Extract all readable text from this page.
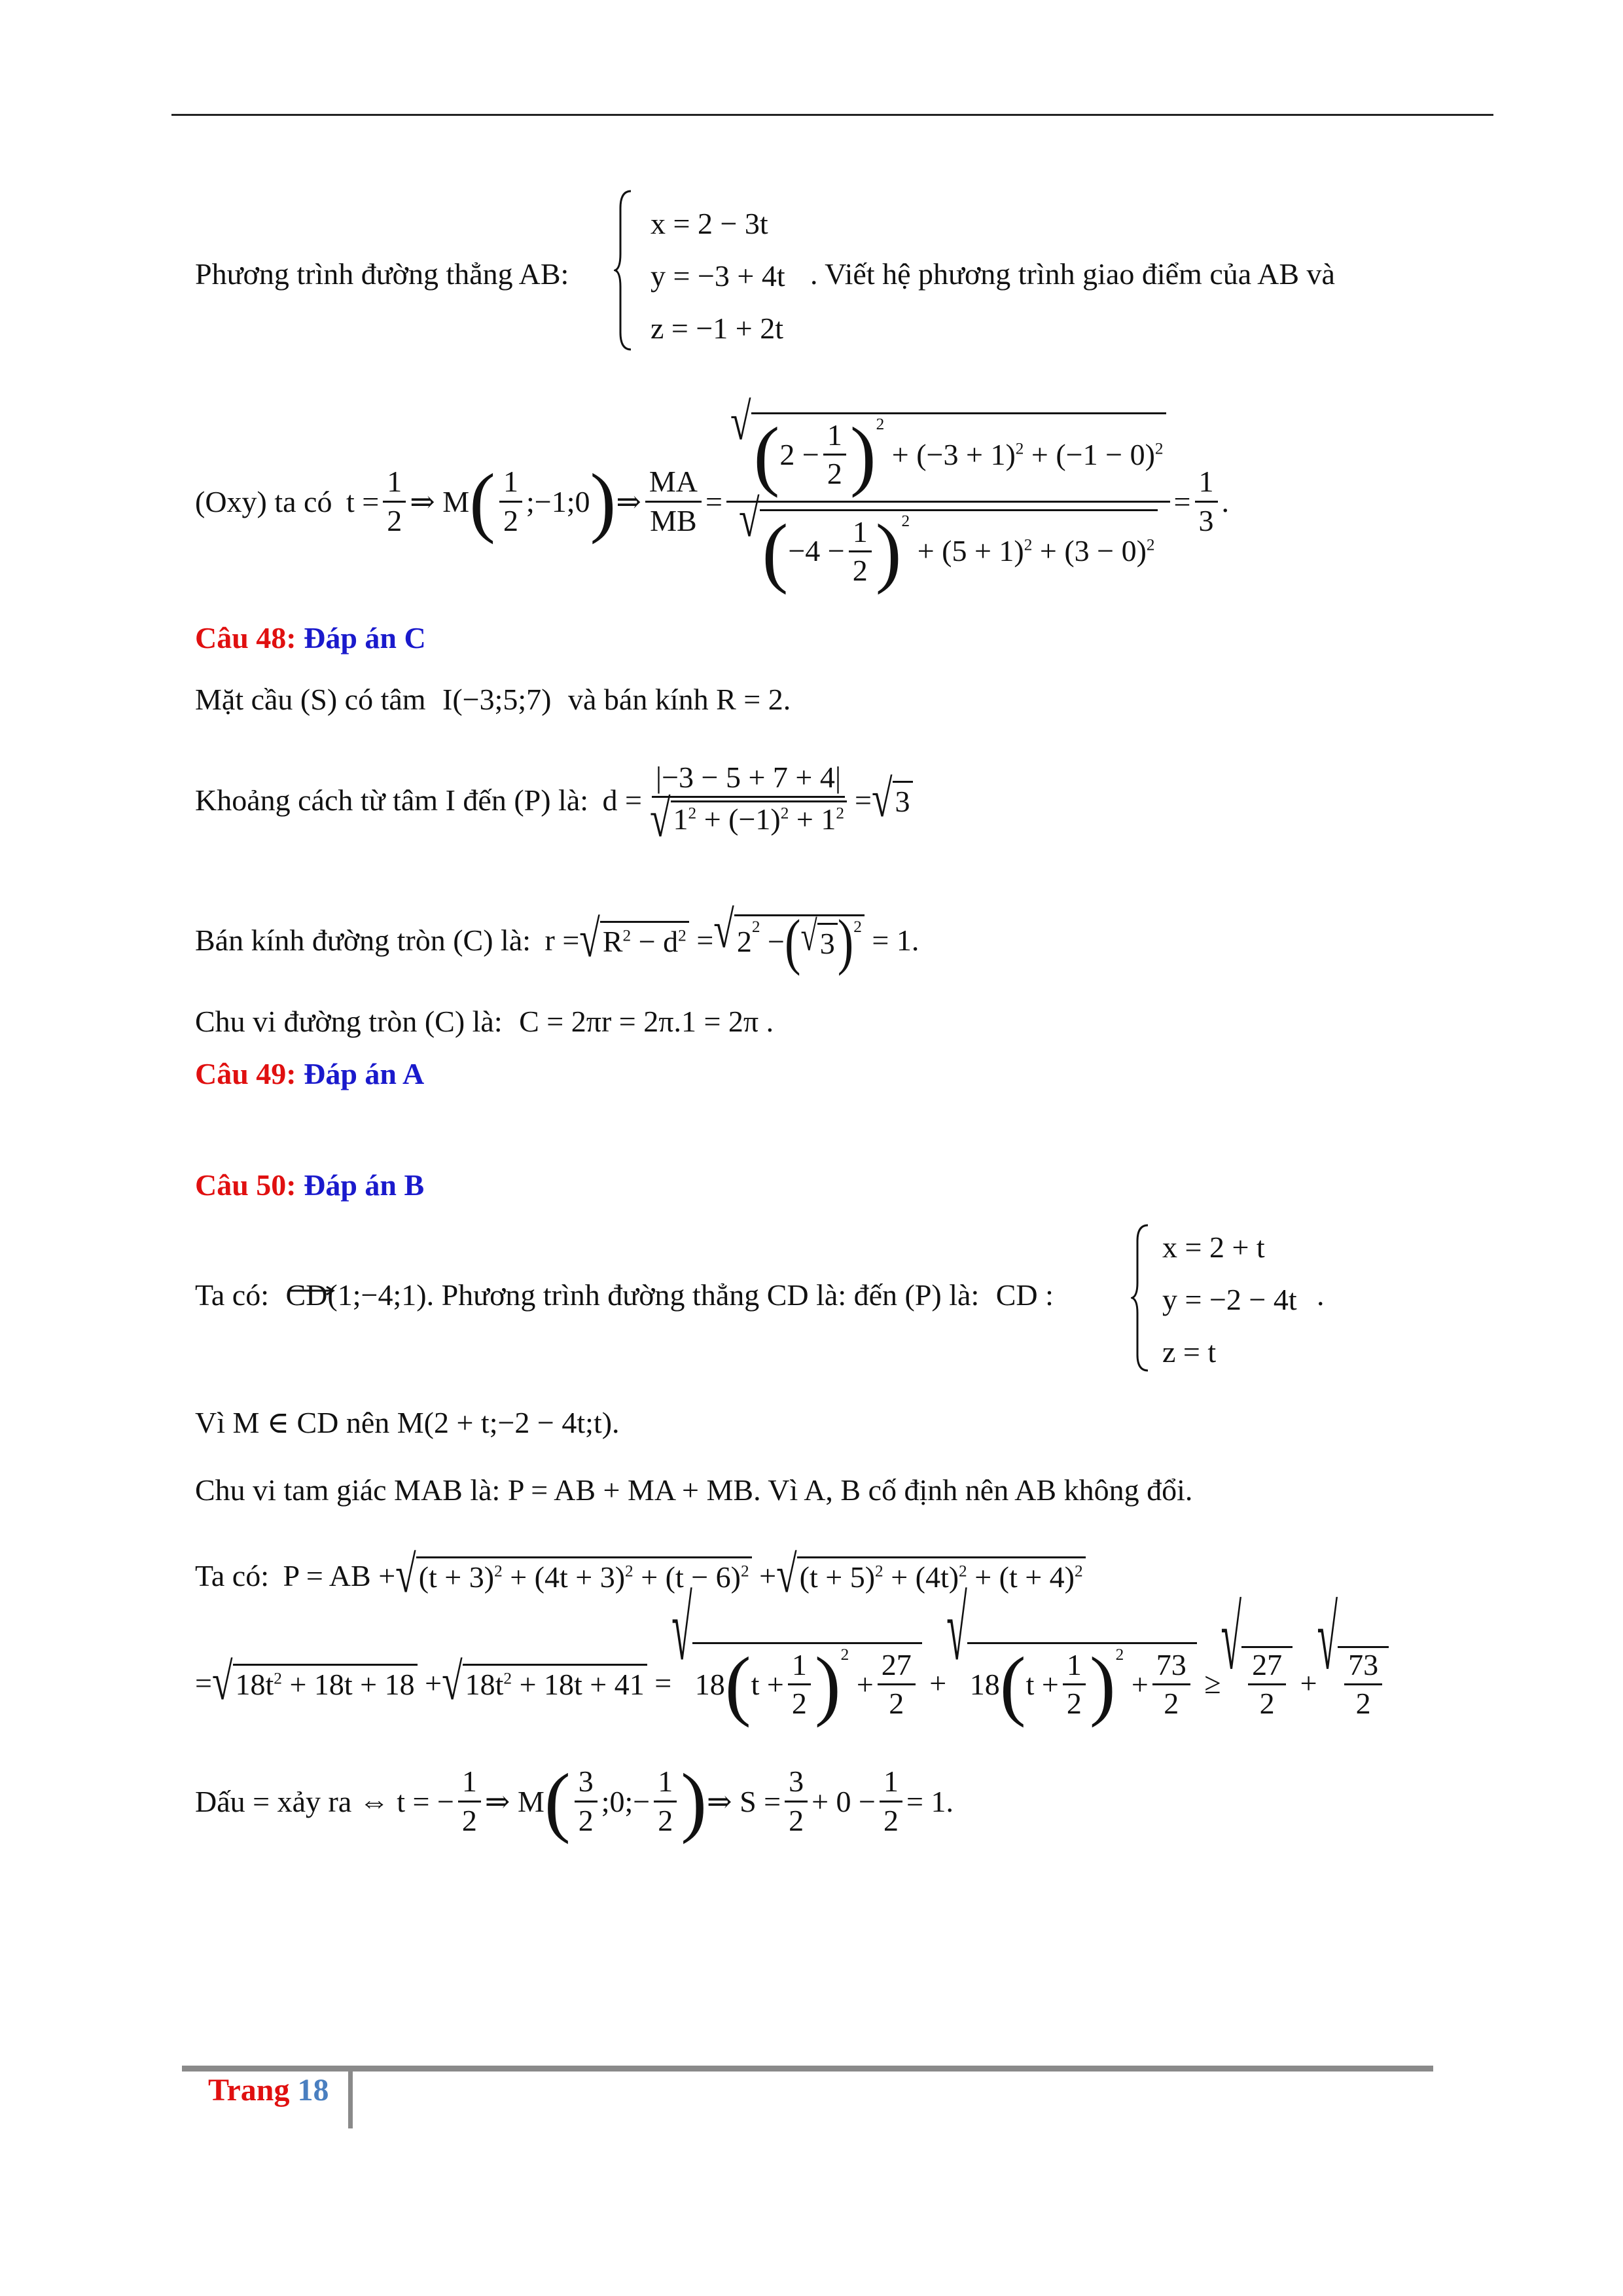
Phương trình đường thẳng AB:
x = 2 − 3t
y = −3 + 4t
z = −1 + 2t
. Viết hệ phương trình giao điểm của AB và
(Oxy) ta có $t = \frac{1}{2}$ ⇒ M ( $\frac{1}{2}$ ;−1;0 ) ⇒ $\frac{MA}{MB}$ = √ ( $2 - \frac{1}{2} )^2$
+ $(-3 + 1)^2 + (-1 - 0)^2$
√ ( $-4 - \frac{1}{2} )^2$
+ $(5 + 1)^2 + (3 - 0)^2 = \frac{1}{3}$ .
Câu 48: Đáp án C
Mặt cầu (S) có tâm I(−3;5;7) và bán kính R = 2.
Khoảng cách từ tâm I đến (P) là: $d = \frac{|-3 - 5 + 7 + 4|}{√ 1^2 + (-1)^2 + 1^2}$ = √ 3
Bán kính đường tròn (C) là: r = √ $R^2 - d^2$ = √ 2 2 − ( √ 3 )$^2$ = 1.
Chu vi đường tròn (C) là: C = 2πr = 2π.1 = 2π .
Câu 49: Đáp án A
Câu 50: Đáp án B
Ta có: CD(1;−4;1). Phương trình đường thẳng CD là: đến (P) là: CD :
x = 2 + t
y = −2 − 4t
z = t
.
Vì M ∈ CD nên M(2 + t;−2 − 4t;t).
Chu vi tam giác MAB là: P = AB + MA + MB. Vì A, B cố định nên AB không đổi.
Ta có: P = AB + √ $(t + 3)^2 + (4t + 3)^2 + (t - 6)^2$ + √ $(t + 5)^2 + (4t)^2 + (t + 4)^2$
= √ $18t^2 + 18t + 18$ + √ $18t^2 + 18t + 41$ =
√
18 ( $t + \frac{1}{2} )^2$
+ $\frac{27}{2}$ +
√
18 ( $t + \frac{1}{2} )^2$
+ $\frac{73}{2}$ ≥ √ $\frac{27}{2}$ + √ $\frac{73}{2}$
Dấu = xảy ra ⇔ t = − $\frac{1}{2}$ ⇒ M ( $\frac{3}{2}$ ;0;− $\frac{1}{2}$ ) ⇒ $S = \frac{3}{2} + 0 - \frac{1}{2} = 1$.
Trang 18
